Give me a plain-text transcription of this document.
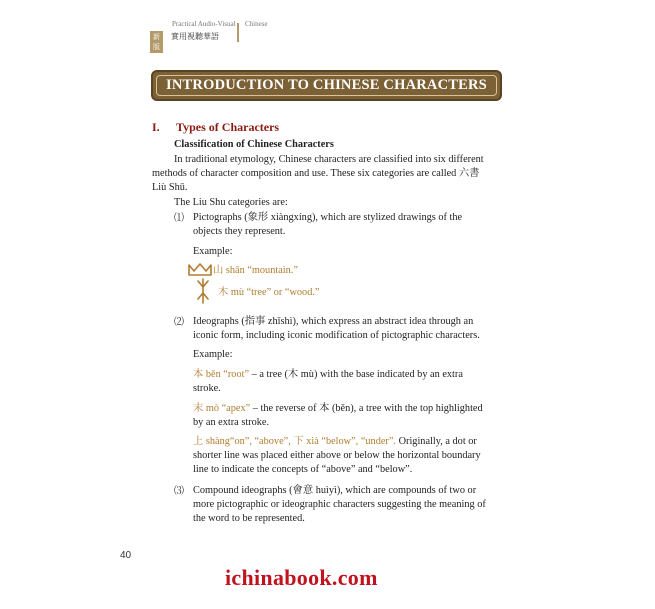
Practical Audio-Visual
新版
實用視聽華語
Chinese
INTRODUCTION TO CHINESE CHARACTERS
I. Types of Characters
Classification of Chinese Characters
In traditional etymology, Chinese characters are classified into six different
methods of character composition and use. These six categories are called 六書
Liù Shū.
The Liu Shu categories are:
⑴ Pictographs (象形 xiàngxíng), which are stylized drawings of the
objects they represent.
Example:
山 shān “mountain.”
木 mù “tree” or “wood.”
⑵ Ideographs (指事 zhǐshì), which express an abstract idea through an
iconic form, including iconic modification of pictographic characters.
Example:
本 běn “root” – a tree (木 mù) with the base indicated by an extra
stroke.
末 mò “apex” – the reverse of 本 (běn), a tree with the top highlighted
by an extra stroke.
上 shàng“on”, “above”, 下 xià “below”, “under”. Originally, a dot or
shorter line was placed either above or below the horizontal boundary
line to indicate the concepts of “above” and “below”.
⑶ Compound ideographs (會意 huìyì), which are compounds of two or
more pictographic or ideographic characters suggesting the meaning of
the word to be represented.
40
ichinabook.com
